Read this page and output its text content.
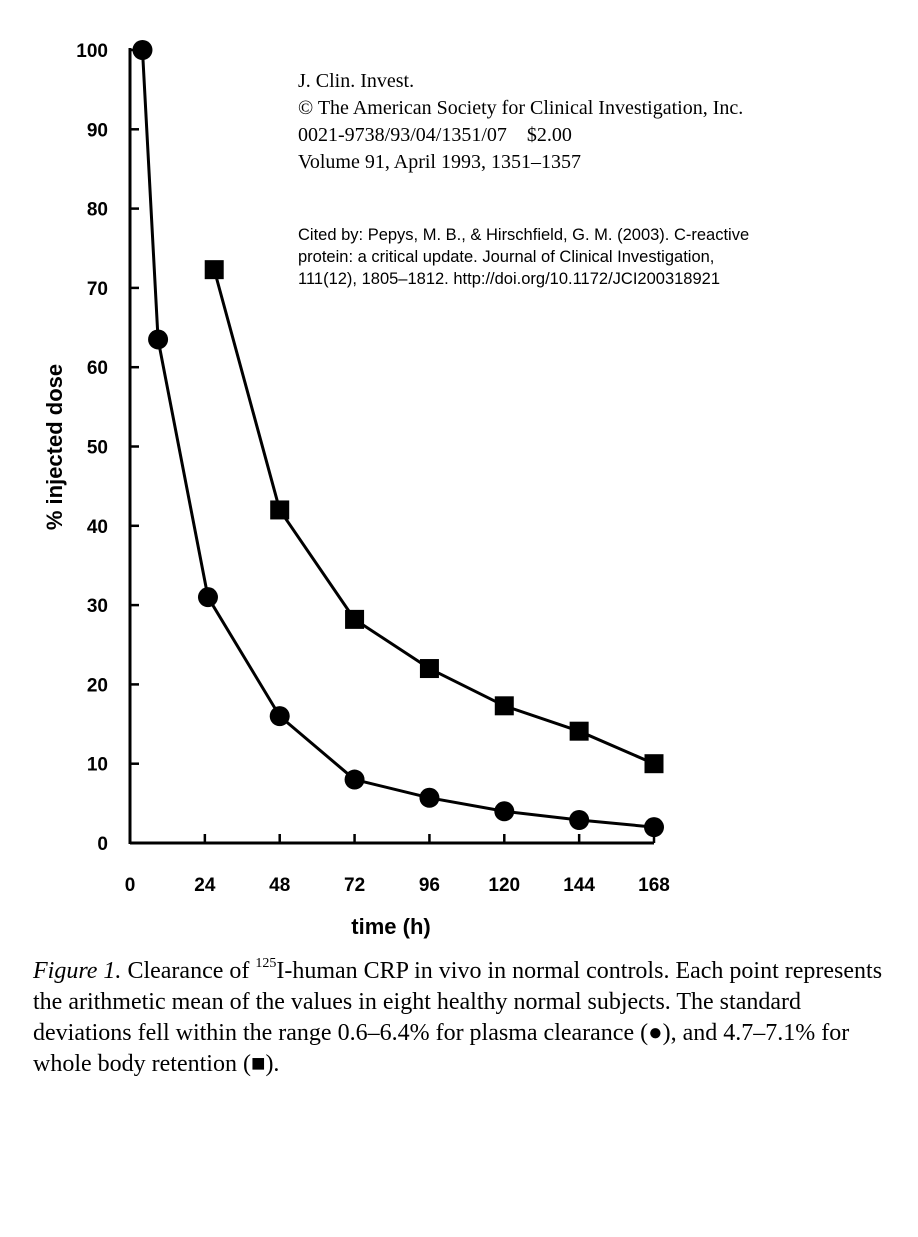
J. Clin. Invest.
© The American Society for Clinical Investigation, Inc.
0021-9738/93/04/1351/07    $2.00
Volume 91, April 1993, 1351–1357
Cited by: Pepys, M. B., & Hirschfield, G. M. (2003). C-reactive
protein: a critical update. Journal of Clinical Investigation,
111(12), 1805–1812. http://doi.org/10.1172/JCI200318921
0
10
20
30
40
50
60
70
80
90
100
0	24	48	72	96	120 144 168
time (h)
% injected dose
Figure 1. Clearance of $^{125}$I-human CRP in vivo in normal controls. Each point represents the arithmetic mean of the values in eight healthy normal subjects. The standard deviations fell within the range 0.6–6.4% for plasma clearance (●), and 4.7–7.1% for whole body retention (■).
